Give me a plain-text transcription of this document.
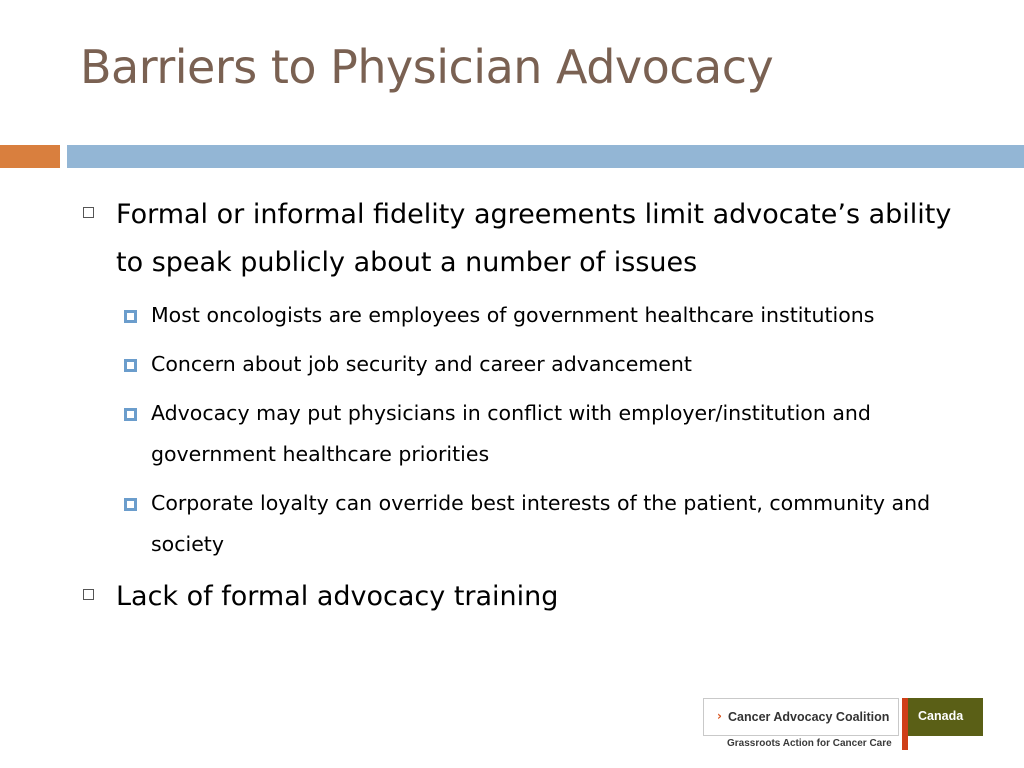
Barriers to Physician Advocacy
Formal or informal fidelity agreements limit advocate’s ability to speak publicly about a number of issues
Most oncologists are employees of government healthcare institutions
Concern about job security and career advancement
Advocacy may put physicians in conflict with employer/institution and government healthcare priorities
Corporate loyalty can override best interests of the patient, community and society
Lack of formal advocacy training
› Cancer Advocacy Coalition Canada
Grassroots Action for Cancer Care
